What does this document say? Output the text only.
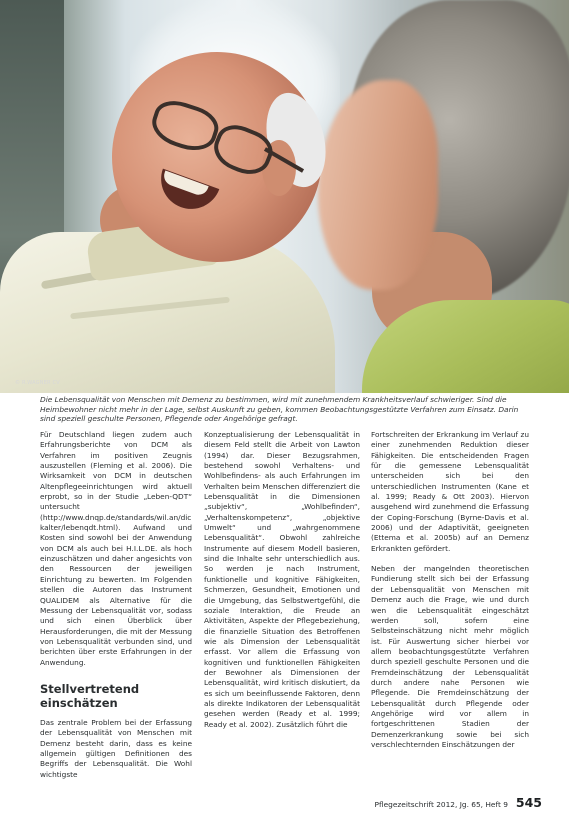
© R.WAGNER CV

Die Lebensqualität von Menschen mit Demenz zu bestimmen, wird mit zunehmendem Krankheitsverlauf schwieriger. Sind die Heimbewohner nicht mehr in der Lage, selbst Auskunft zu geben, kommen Beobachtungsgestützte Verfahren zum Einsatz. Darin sind speziell geschulte Personen, Pflegende oder Angehörige gefragt.

Für Deutschland liegen zudem auch Erfahrungsberichte von DCM als Verfahren im positiven Zeugnis auszustellen (Fleming et al. 2006). Die Wirksamkeit von DCM in deutschen Altenpflegeeinrichtungen wird aktuell erprobt, so in der Studie „Leben-QDT“ untersucht (http://www.dnqp.de/standards/wil.an/dic kalter/lebenqdt.html). Aufwand und Kosten sind sowohl bei der Anwendung von DCM als auch bei H.I.L.DE. als hoch einzuschätzen und daher angesichts von den Ressourcen der jeweiligen Einrichtung zu bewerten. Im Folgenden stellen die Autoren das Instrument QUALIDEM als Alternative für die Messung der Lebensqualität vor, sodass und sich einen Überblick über Herausforderungen, die mit der Messung von Lebensqualität verbunden sind, und berichten über erste Erfahrungen in der Anwendung.

Stellvertretend einschätzen

Das zentrale Problem bei der Erfassung der Lebensqualität von Menschen mit Demenz besteht darin, dass es keine allgemein gültigen Definitionen des Begriffs der Lebensqualität. Die Wohl wichtigste

Konzeptualisierung der Lebensqualität in diesem Feld stellt die Arbeit von Lawton (1994) dar. Dieser Bezugsrahmen, bestehend sowohl Verhaltens- und Wohlbefindens- als auch Erfahrungen im Verhalten beim Menschen differenziert die Lebensqualität in die Dimensionen „subjektiv“, „Wohlbefinden“, „Verhaltenskompetenz“, „objektive Umwelt“ und „wahrgenommene Lebensqualität“. Obwohl zahlreiche Instrumente auf diesem Modell basieren, sind die Inhalte sehr unterschiedlich aus. So werden je nach Instrument, funktionelle und kognitive Fähigkeiten, Schmerzen, Gesundheit, Emotionen und die Umgebung, das Selbstwertgefühl, die soziale Interaktion, die Freude an Aktivitäten, Aspekte der Pflegebeziehung, die finanzielle Situation des Betroffenen wie als Dimension der Lebensqualität erfasst. Vor allem die Erfassung von kognitiven und funktionellen Fähigkeiten der Bewohner als Dimensionen der Lebensqualität, wird kritisch diskutiert, da es sich um beeinflussende Faktoren, denn als direkte Indikatoren der Lebensqualität gesehen werden (Ready et al. 1999; Ready et al. 2002). Zusätzlich führt die

Fortschreiten der Erkrankung im Verlauf zu einer zunehmenden Reduktion dieser Fähigkeiten. Die entscheidenden Fragen für die gemessene Lebensqualität unterscheiden sich bei den unterschiedlichen Instrumenten (Kane et al. 1999; Ready & Ott 2003). Hiervon ausgehend wird zunehmend die Erfassung der Coping-Forschung (Byrne-Davis et al. 2006) und der Adaptivität, geeigneten (Ettema et al. 2005b) auf an Demenz Erkrankten gefördert.

Neben der mangelnden theoretischen Fundierung stellt sich bei der Erfassung der Lebensqualität von Menschen mit Demenz auch die Frage, wie und durch wen die Lebensqualität eingeschätzt werden soll, sofern eine Selbsteinschätzung nicht mehr möglich ist. Für Auswertung sicher hierbei vor allem beobachtungsgestützte Verfahren durch speziell geschulte Personen und die Fremdeinschätzung der Lebensqualität durch andere nahe Personen wie Pflegende. Die Fremdeinschätzung der Lebensqualität durch Pflegende oder Angehörige wird vor allem in fortgeschrittenen Stadien der Demenzerkrankung sowie bei sich verschlechternden Einschätzungen der

Pflegezeitschrift 2012, Jg. 65, Heft 9 545
